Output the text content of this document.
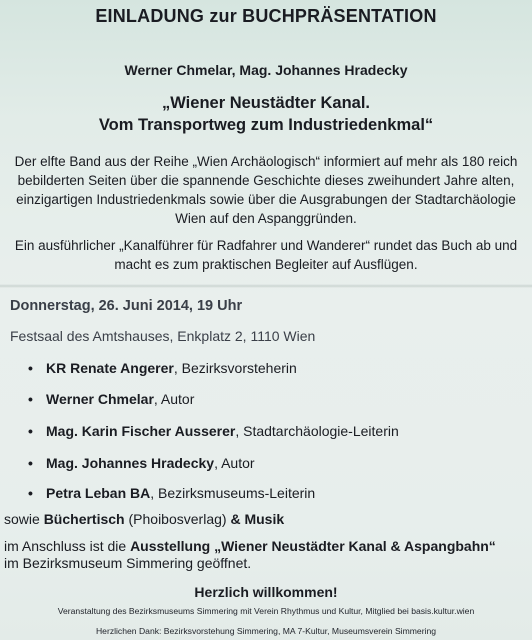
EINLADUNG zur BUCHPRÄSENTATION
Werner Chmelar, Mag. Johannes Hradecky
„Wiener Neustädter Kanal.
Vom Transportweg zum Industriedenkmal“
Der elfte Band aus der Reihe „Wien Archäologisch“ informiert auf mehr als 180 reich bebilderten Seiten über die spannende Geschichte dieses zweihundert Jahre alten, einzigartigen Industriedenkmals sowie über die Ausgrabungen der Stadtarchäologie Wien auf den Aspanggründen.
Ein ausführlicher „Kanalführer für Radfahrer und Wanderer“ rundet das Buch ab und macht es zum praktischen Begleiter auf Ausflügen.
Donnerstag, 26. Juni 2014, 19 Uhr
Festsaal des Amtshauses, Enkplatz 2, 1110 Wien
• KR Renate Angerer, Bezirksvorsteherin
• Werner Chmelar, Autor
• Mag. Karin Fischer Ausserer, Stadtarchäologie-Leiterin
• Mag. Johannes Hradecky, Autor
• Petra Leban BA, Bezirksmuseums-Leiterin
sowie Büchertisch (Phoibosverlag) & Musik
im Anschluss ist die Ausstellung „Wiener Neustädter Kanal & Aspangbahn“
im Bezirksmuseum Simmering geöffnet.
Herzlich willkommen!
Veranstaltung des Bezirksmuseums Simmering mit Verein Rhythmus und Kultur, Mitglied bei basis.kultur.wien
Herzlichen Dank: Bezirksvorstehung Simmering, MA 7-Kultur, Museumsverein Simmering
